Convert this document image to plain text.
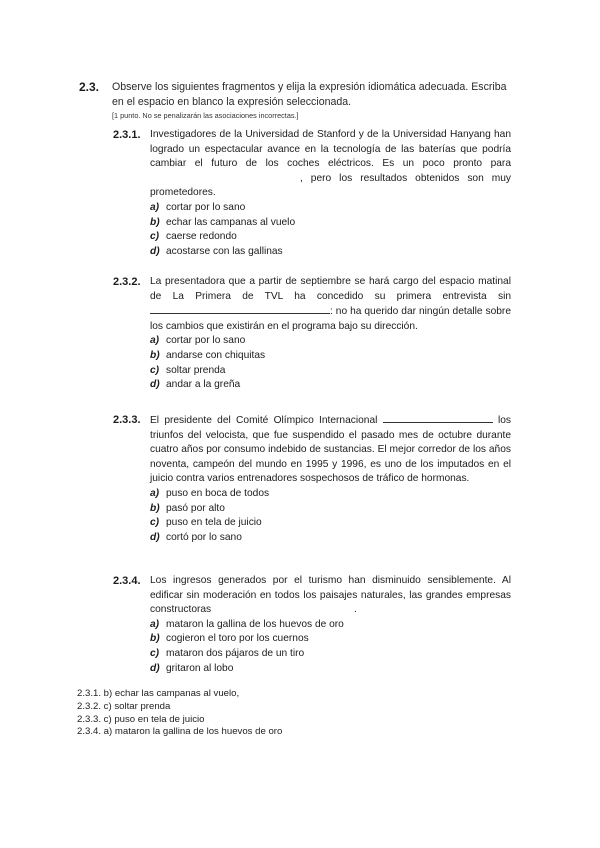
2.3.	Observe los siguientes fragmentos y elija la expresión idiomática adecuada. Escriba en el espacio en blanco la expresión seleccionada.
[1 punto. No se penalizarán las asociaciones incorrectas.]
2.3.1. Investigadores de la Universidad de Stanford y de la Universidad Hanyang han logrado un espectacular avance en la tecnología de las baterías que podría cambiar el futuro de los coches eléctricos. Es un poco pronto para , pero los resultados obtenidos son muy prometedores.
a) cortar por lo sano
b) echar las campanas al vuelo
c) caerse redondo
d) acostarse con las gallinas
2.3.2. La presentadora que a partir de septiembre se hará cargo del espacio matinal de La Primera de TVL ha concedido su primera entrevista sin : no ha querido dar ningún detalle sobre los cambios que existirán en el programa bajo su dirección.
a) cortar por lo sano
b) andarse con chiquitas
c) soltar prenda
d) andar a la greña
2.3.3. El presidente del Comité Olímpico Internacional	los triunfos del velocista, que fue suspendido el pasado mes de octubre durante cuatro años por consumo indebido de sustancias. El mejor corredor de los años noventa, campeón del mundo en 1995 y 1996, es uno de los imputados en el juicio contra varios entrenadores sospechosos de tráfico de hormonas.
a) puso en boca de todos
b) pasó por alto
c) puso en tela de juicio
d) cortó por lo sano
2.3.4. Los ingresos generados por el turismo han disminuido sensiblemente. Al edificar sin moderación en todos los paisajes naturales, las grandes empresas constructoras	.
a) mataron la gallina de los huevos de oro
b) cogieron el toro por los cuernos
c) mataron dos pájaros de un tiro
d) gritaron al lobo
2.3.1. b) echar las campanas al vuelo,
2.3.2. c) soltar prenda
2.3.3. c) puso en tela de juicio
2.3.4. a) mataron la gallina de los huevos de oro
